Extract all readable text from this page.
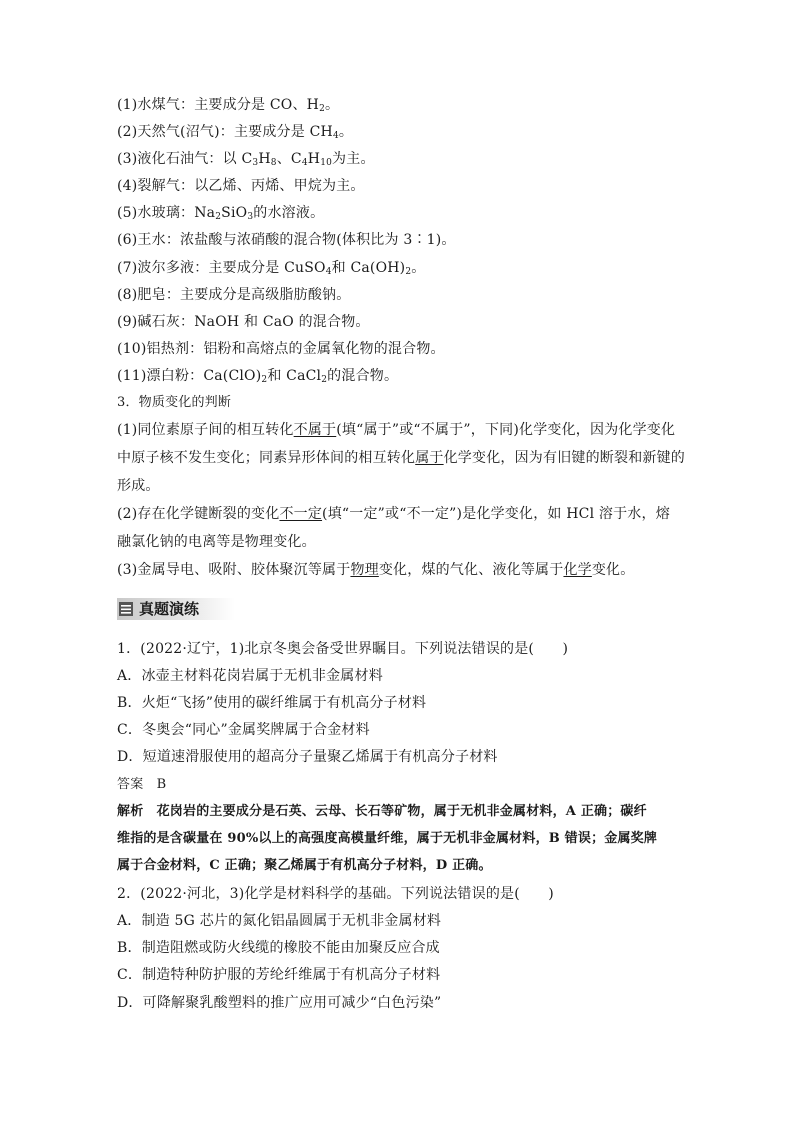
(1)水煤气：主要成分是 CO、$H_2$。
(2)天然气(沼气)：主要成分是 $CH_4$。
(3)液化石油气：以 $C_3H_8$、$C_4H_{10}$为主。
(4)裂解气：以乙烯、丙烯、甲烷为主。
(5)水玻璃：$Na_2SiO_3$的水溶液。
(6)王水：浓盐酸与浓硝酸的混合物(体积比为 3∶1)。
(7)波尔多液：主要成分是 CuSO$_4$和 $Ca(OH)_2$。
(8)肥皂：主要成分是高级脂肪酸钠。
(9)碱石灰：NaOH 和 CaO 的混合物。
(10)铝热剂：铝粉和高熔点的金属氧化物的混合物。
(11)漂白粉：$Ca(ClO)_2$和 CaCl$_2$的混合物。
3．物质变化的判断
(1)同位素原子间的相互转化不属于(填“属于”或“不属于”，下同)化学变化，因为化学变化
中原子核不发生变化；同素异形体间的相互转化属于化学变化，因为有旧键的断裂和新键的
形成。
(2)存在化学键断裂的变化不一定(填“一定”或“不一定”)是化学变化，如 HCl 溶于水，熔
融氯化钠的电离等是物理变化。
(3)金属导电、吸附、胶体聚沉等属于物理变化，煤的气化、液化等属于化学变化。
真题演练
1．(2022·辽宁，1)北京冬奥会备受世界瞩目。下列说法错误的是(　　)
A．冰壶主材料花岗岩属于无机非金属材料
B．火炬“飞扬”使用的碳纤维属于有机高分子材料
C．冬奥会“同心”金属奖牌属于合金材料
D．短道速滑服使用的超高分子量聚乙烯属于有机高分子材料
答案　B
解析　花岗岩的主要成分是石英、云母、长石等矿物，属于无机非金属材料，A 正确；碳纤
维指的是含碳量在 90%以上的高强度高模量纤维，属于无机非金属材料，B 错误；金属奖牌
属于合金材料，C 正确；聚乙烯属于有机高分子材料，D 正确。
2．(2022·河北，3)化学是材料科学的基础。下列说法错误的是(　　)
A．制造 5G 芯片的氮化铝晶圆属于无机非金属材料
B．制造阻燃或防火线缆的橡胶不能由加聚反应合成
C．制造特种防护服的芳纶纤维属于有机高分子材料
D．可降解聚乳酸塑料的推广应用可减少“白色污染”
